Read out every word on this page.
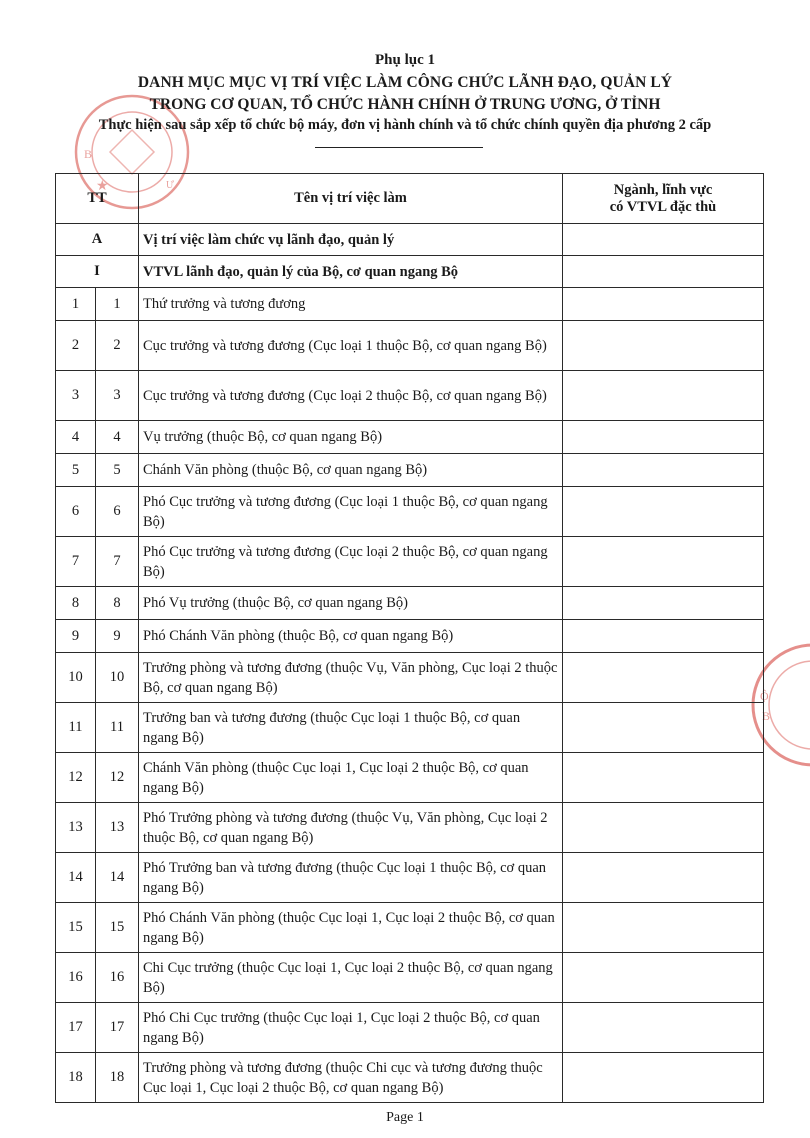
B
★	Ư
Ộ
B
Phụ lục 1
DANH MỤC MỤC VỊ TRÍ VIỆC LÀM CÔNG CHỨC LÃNH ĐẠO, QUẢN LÝ
TRONG CƠ QUAN, TỔ CHỨC HÀNH CHÍNH Ở TRUNG ƯƠNG, Ở TỈNH
Thực hiện sau sắp xếp tổ chức bộ máy, đơn vị hành chính và tổ chức chính quyền địa phương 2 cấp
TT		Tên vị trí việc làm	Ngành, lĩnh vực
có VTVL đặc thù
A		Vị trí việc làm chức vụ lãnh đạo, quản lý	
I		VTVL lãnh đạo, quản lý của Bộ, cơ quan ngang Bộ	
1	1	Thứ trưởng và tương đương	
2	2	Cục trưởng và tương đương (Cục loại 1 thuộc Bộ, cơ quan ngang Bộ)	
3	3	Cục trưởng và tương đương (Cục loại 2 thuộc Bộ, cơ quan ngang Bộ)	
4	4	Vụ trưởng (thuộc Bộ, cơ quan ngang Bộ)	
5	5	Chánh Văn phòng (thuộc Bộ, cơ quan ngang Bộ)	
6	6	Phó Cục trưởng và tương đương (Cục loại 1 thuộc Bộ, cơ quan ngang Bộ)	
7	7	Phó Cục trưởng và tương đương (Cục loại 2 thuộc Bộ, cơ quan ngang Bộ)	
8	8	Phó Vụ trưởng (thuộc Bộ, cơ quan ngang Bộ)	
9	9	Phó Chánh Văn phòng (thuộc Bộ, cơ quan ngang Bộ)	
10	10	Trưởng phòng và tương đương (thuộc Vụ, Văn phòng, Cục loại 2 thuộc Bộ, cơ quan ngang Bộ)	
11	11	Trưởng ban và tương đương (thuộc Cục loại 1 thuộc Bộ, cơ quan ngang Bộ)	
12	12	Chánh Văn phòng (thuộc Cục loại 1, Cục loại 2 thuộc Bộ, cơ quan ngang Bộ)	
13	13	Phó Trưởng phòng và tương đương (thuộc Vụ, Văn phòng, Cục loại 2 thuộc Bộ, cơ quan ngang Bộ)	
14	14	Phó Trưởng ban và tương đương (thuộc Cục loại 1 thuộc Bộ, cơ quan ngang Bộ)	
15	15	Phó Chánh Văn phòng (thuộc Cục loại 1, Cục loại 2 thuộc Bộ, cơ quan ngang Bộ)	
16	16	Chi Cục trưởng (thuộc Cục loại 1, Cục loại 2 thuộc Bộ, cơ quan ngang Bộ)	
17	17	Phó Chi Cục trưởng (thuộc Cục loại 1, Cục loại 2 thuộc Bộ, cơ quan ngang Bộ)	
18	18	Trưởng phòng và tương đương (thuộc Chi cục và tương đương thuộc Cục loại 1, Cục loại 2 thuộc Bộ, cơ quan ngang Bộ)	
Page 1
